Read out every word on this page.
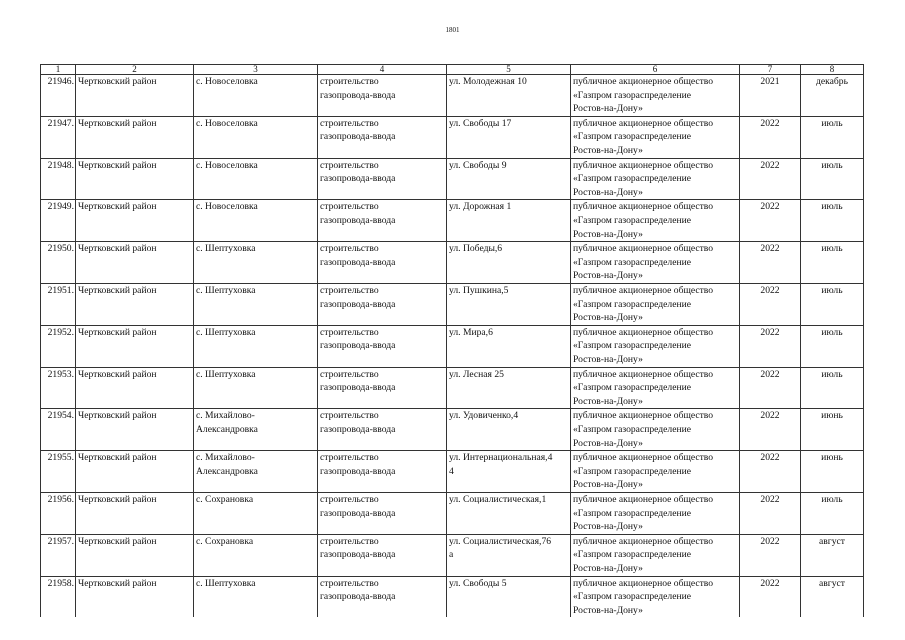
1801
1	2	3	4	5	6	7	8

21946.	Чертковский район	с. Новоселовка	строительство
газопровода-ввода	ул. Молодежная 10	публичное акционерное общество
«Газпром газораспределение
Ростов-на-Дону»	2021	декабрь

21947.	Чертковский район	с. Новоселовка	строительство
газопровода-ввода	ул. Свободы 17	публичное акционерное общество
«Газпром газораспределение
Ростов-на-Дону»	2022	июль

21948.	Чертковский район	с. Новоселовка	строительство
газопровода-ввода	ул. Свободы 9	публичное акционерное общество
«Газпром газораспределение
Ростов-на-Дону»	2022	июль

21949.	Чертковский район	с. Новоселовка	строительство
газопровода-ввода	ул. Дорожная 1	публичное акционерное общество
«Газпром газораспределение
Ростов-на-Дону»	2022	июль

21950.	Чертковский район	с. Шептуховка	строительство
газопровода-ввода	ул. Победы,6	публичное акционерное общество
«Газпром газораспределение
Ростов-на-Дону»	2022	июль

21951.	Чертковский район	с. Шептуховка	строительство
газопровода-ввода	ул. Пушкина,5	публичное акционерное общество
«Газпром газораспределение
Ростов-на-Дону»	2022	июль

21952.	Чертковский район	с. Шептуховка	строительство
газопровода-ввода	ул. Мира,6	публичное акционерное общество
«Газпром газораспределение
Ростов-на-Дону»	2022	июль

21953.	Чертковский район	с. Шептуховка	строительство
газопровода-ввода	ул. Лесная 25	публичное акционерное общество
«Газпром газораспределение
Ростов-на-Дону»	2022	июль

21954.	Чертковский район	с. Михайлово-
Александровка	строительство
газопровода-ввода	ул. Удовиченко,4	публичное акционерное общество
«Газпром газораспределение
Ростов-на-Дону»	2022	июнь

21955.	Чертковский район	с. Михайлово-
Александровка	строительство
газопровода-ввода	ул. Интернациональная,4
4	публичное акционерное общество
«Газпром газораспределение
Ростов-на-Дону»	2022	июнь

21956.	Чертковский район	с. Сохрановка	строительство
газопровода-ввода	ул. Социалистическая,1	публичное акционерное общество
«Газпром газораспределение
Ростов-на-Дону»	2022	июль

21957.	Чертковский район	с. Сохрановка	строительство
газопровода-ввода	ул. Социалистическая,76
а	публичное акционерное общество
«Газпром газораспределение
Ростов-на-Дону»	2022	август

21958.	Чертковский район	с. Шептуховка	строительство
газопровода-ввода	ул. Свободы 5	публичное акционерное общество
«Газпром газораспределение
Ростов-на-Дону»	2022	август
